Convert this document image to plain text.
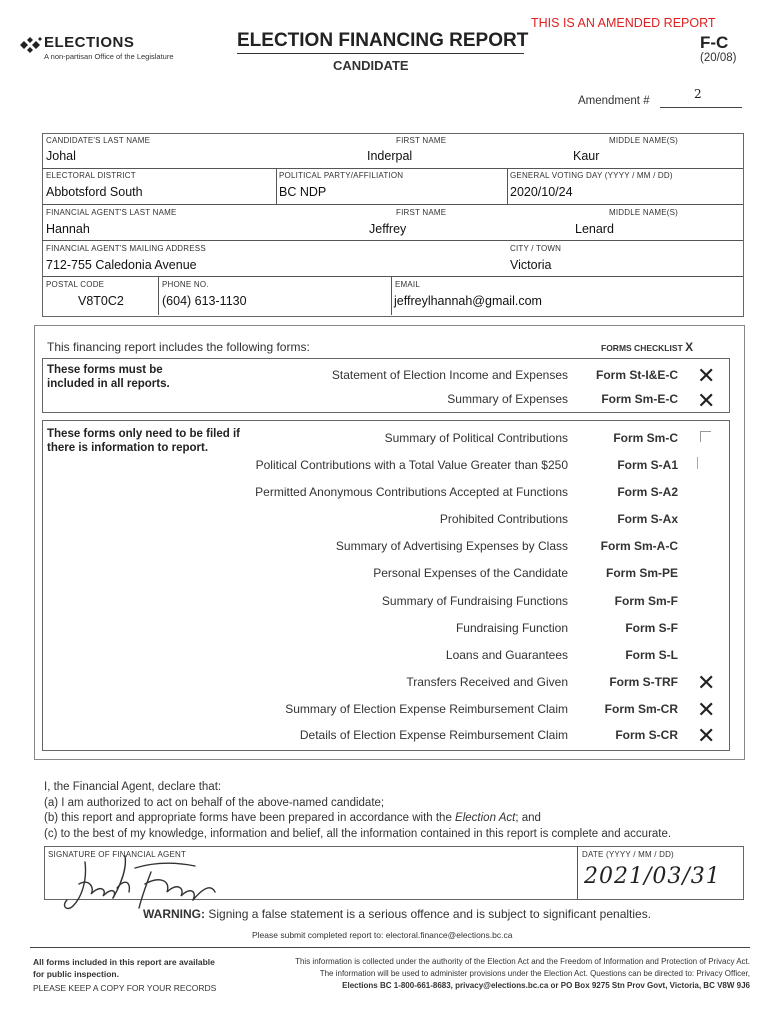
ELECTIONS
A non-partisan Office of the Legislature
ELECTION FINANCING REPORT
CANDIDATE
THIS IS AN AMENDED REPORT
F-C
(20/08)
Amendment #	2
CANDIDATE'S LAST NAME
Johal
FIRST NAME
Inderpal
MIDDLE NAME(S)
Kaur
ELECTORAL DISTRICT
Abbotsford South
POLITICAL PARTY/AFFILIATION
BC NDP
GENERAL VOTING DAY (YYYY / MM / DD)
2020/10/24
FINANCIAL AGENT'S LAST NAME
Hannah
FIRST NAME
Jeffrey
MIDDLE NAME(S)
Lenard
FINANCIAL AGENT'S MAILING ADDRESS
712-755 Caledonia Avenue
CITY / TOWN
Victoria
POSTAL CODE
V8T0C2
PHONE NO.
(604) 613-1130
EMAIL
jeffreylhannah@gmail.com
This financing report includes the following forms:	FORMS CHECKLIST X
These forms must be included in all reports.
These forms only need to be filed if there is information to report.
Statement of Election Income and Expenses Form St-I&E-C ✕
Summary of Expenses	Form Sm-E-C ✕
Summary of Political Contributions	Form Sm-C
Political Contributions with a Total Value Greater than $250	Form S-A1
Permitted Anonymous Contributions Accepted at Functions	Form S-A2
Prohibited Contributions	Form S-Ax
Summary of Advertising Expenses by Class	Form Sm-A-C
Personal Expenses of the Candidate	Form Sm-PE
Summary of Fundraising Functions	Form Sm-F
Fundraising Function	Form S-F
Loans and Guarantees	Form S-L
Transfers Received and Given	Form S-TRF ✕
Summary of Election Expense Reimbursement Claim	Form Sm-CR ✕
Details of Election Expense Reimbursement Claim	Form S-CR ✕
I, the Financial Agent, declare that:
(a) I am authorized to act on behalf of the above-named candidate;
(b) this report and appropriate forms have been prepared in accordance with the Election Act; and
(c) to the best of my knowledge, information and belief, all the information contained in this report is complete and accurate.
SIGNATURE OF FINANCIAL AGENT	DATE (YYYY / MM / DD)
2021/03/31
WARNING: Signing a false statement is a serious offence and is subject to significant penalties.
Please submit completed report to: electoral.finance@elections.bc.ca
All forms included in this report are available
for public inspection.
PLEASE KEEP A COPY FOR YOUR RECORDS
This information is collected under the authority of the Election Act and the Freedom of Information and Protection of Privacy Act.
The information will be used to administer provisions under the Election Act. Questions can be directed to: Privacy Officer,
Elections BC 1-800-661-8683, privacy@elections.bc.ca or PO Box 9275 Stn Prov Govt, Victoria, BC V8W 9J6
